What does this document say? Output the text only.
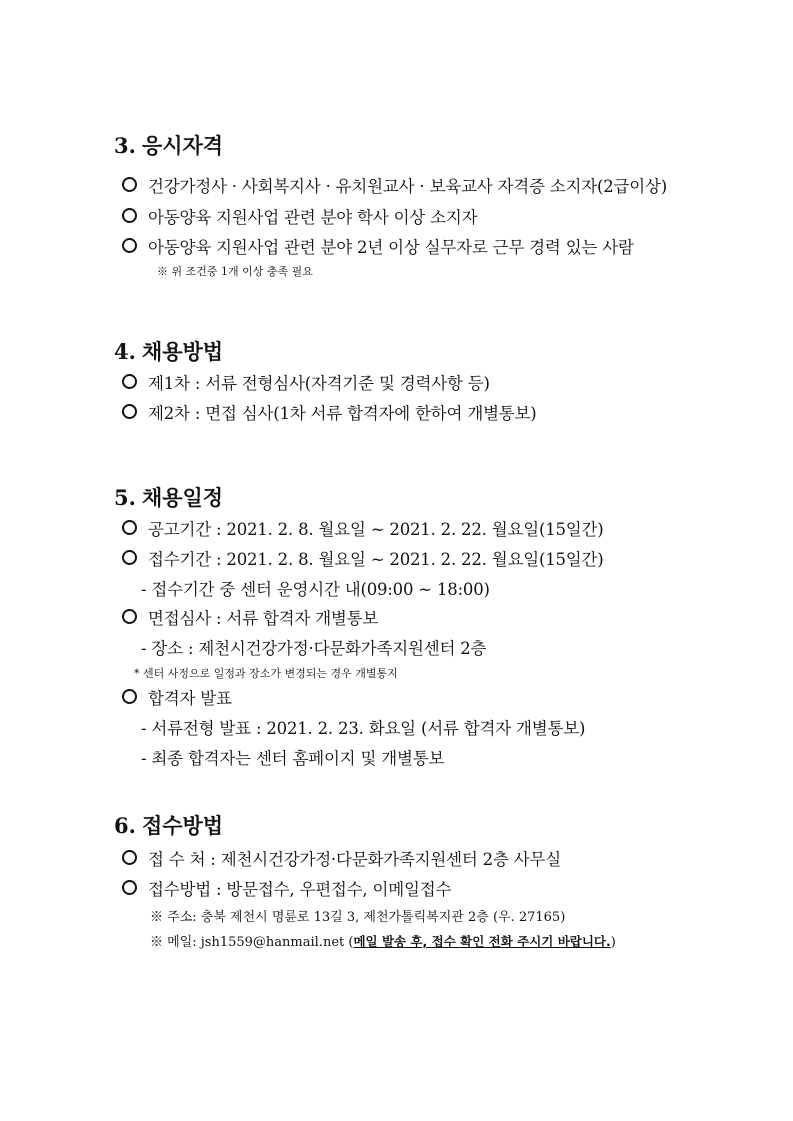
3. 응시자격
건강가정사 · 사회복지사 · 유치원교사 · 보육교사 자격증 소지자(2급이상)
아동양육 지원사업 관련 분야 학사 이상 소지자
아동양육 지원사업 관련 분야 2년 이상 실무자로 근무 경력 있는 사람
※ 위 조건중 1개 이상 충족 필요
4. 채용방법
제1차 : 서류 전형심사(자격기준 및 경력사항 등)
제2차 : 면접 심사(1차 서류 합격자에 한하여 개별통보)
5. 채용일정
공고기간 : 2021. 2. 8. 월요일 ~ 2021. 2. 22. 월요일(15일간)
접수기간 : 2021. 2. 8. 월요일 ~ 2021. 2. 22. 월요일(15일간)
- 접수기간 중 센터 운영시간 내(09:00 ~ 18:00)
면접심사 : 서류 합격자 개별통보
- 장소 : 제천시건강가정·다문화가족지원센터 2층
* 센터 사정으로 일정과 장소가 변경되는 경우 개별통지
합격자 발표
- 서류전형 발표 : 2021. 2. 23. 화요일 (서류 합격자 개별통보)
- 최종 합격자는 센터 홈페이지 및 개별통보
6. 접수방법
접 수 처 : 제천시건강가정·다문화가족지원센터 2층 사무실
접수방법 : 방문접수, 우편접수, 이메일접수
※ 주소: 충북 제천시 명륜로 13길 3, 제천가톨릭복지관 2층 (우. 27165)
※ 메일: jsh1559@hanmail.net (메일 발송 후, 접수 확인 전화 주시기 바랍니다.)
